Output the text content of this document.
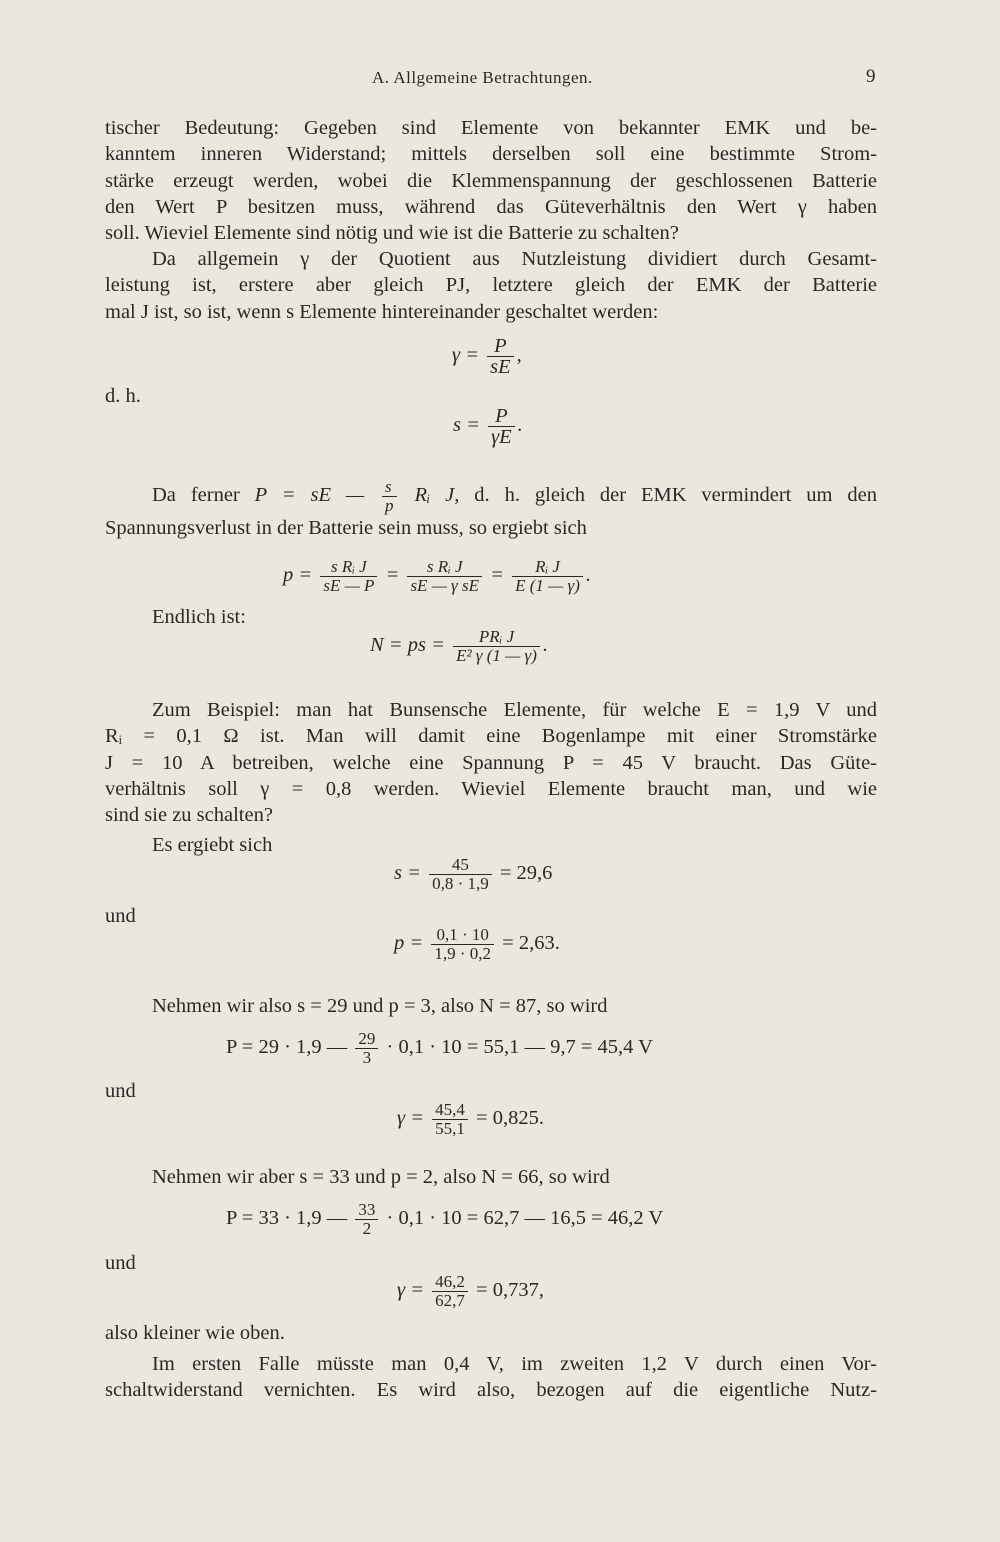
A. Allgemeine Betrachtungen.	9
tischer Bedeutung: Gegeben sind Elemente von bekannter EMK und be-
kanntem inneren Widerstand; mittels derselben soll eine bestimmte Strom-
stärke erzeugt werden, wobei die Klemmenspannung der geschlossenen Batterie
den Wert P besitzen muss, während das Güteverhältnis den Wert γ haben
soll. Wieviel Elemente sind nötig und wie ist die Batterie zu schalten?
Da allgemein γ der Quotient aus Nutzleistung dividiert durch Gesamt-
leistung ist, erstere aber gleich PJ, letztere gleich der EMK der Batterie
mal J ist, so ist, wenn s Elemente hintereinander geschaltet werden:
$\gamma = \frac{P}{sE}$ ,
d. h.
$s = \frac{P}{\gamma E}$ .
Da ferner P = sE — $\frac{s}{p}$ Rᵢ J, d. h. gleich der EMK vermindert um den
Spannungsverlust in der Batterie sein muss, so ergiebt sich
$p = \frac{\text{s Rᵢ J}}{sE — P} = \frac{\text{s Rᵢ J}}{\text{sE — γ sE}} = \frac{\text{Rᵢ J}}{E (1 — \gamma)}$ .
Endlich ist:
N = ps = $\frac{\text{PRᵢ J}}{\text{E² γ (1 — γ)}}$ .
Zum Beispiel: man hat Bunsensche Elemente, für welche E = 1,9 V und
Rᵢ = 0,1 Ω ist. Man will damit eine Bogenlampe mit einer Stromstärke
J = 10 A betreiben, welche eine Spannung P = 45 V braucht. Das Güte-
verhältnis soll γ = 0,8 werden. Wieviel Elemente braucht man, und wie
sind sie zu schalten?
Es ergiebt sich
$s = \frac{45}{0,8 \cdot 1,9} = 29,6$
und
$p = \frac{0,1 \cdot 10}{1,9 \cdot 0,2} = 2,63$.
Nehmen wir also s = 29 und p = 3, also N = 87, so wird
P = 29 · 1,9 — $\frac{29}{3} \cdot 0,1 \cdot 10 = 55,1$ — 9,7 = 45,4 V
und
$\gamma = \frac{45,4}{55,1} = 0,825$.
Nehmen wir aber s = 33 und p = 2, also N = 66, so wird
P = 33 · 1,9 — $\frac{33}{2} \cdot 0,1 \cdot 10 = 62,7$ — 16,5 = 46,2 V
und
$\gamma = \frac{46,2}{62,7} = 0,737$,
also kleiner wie oben.
Im ersten Falle müsste man 0,4 V, im zweiten 1,2 V durch einen Vor-
schaltwiderstand vernichten. Es wird also, bezogen auf die eigentliche Nutz-
